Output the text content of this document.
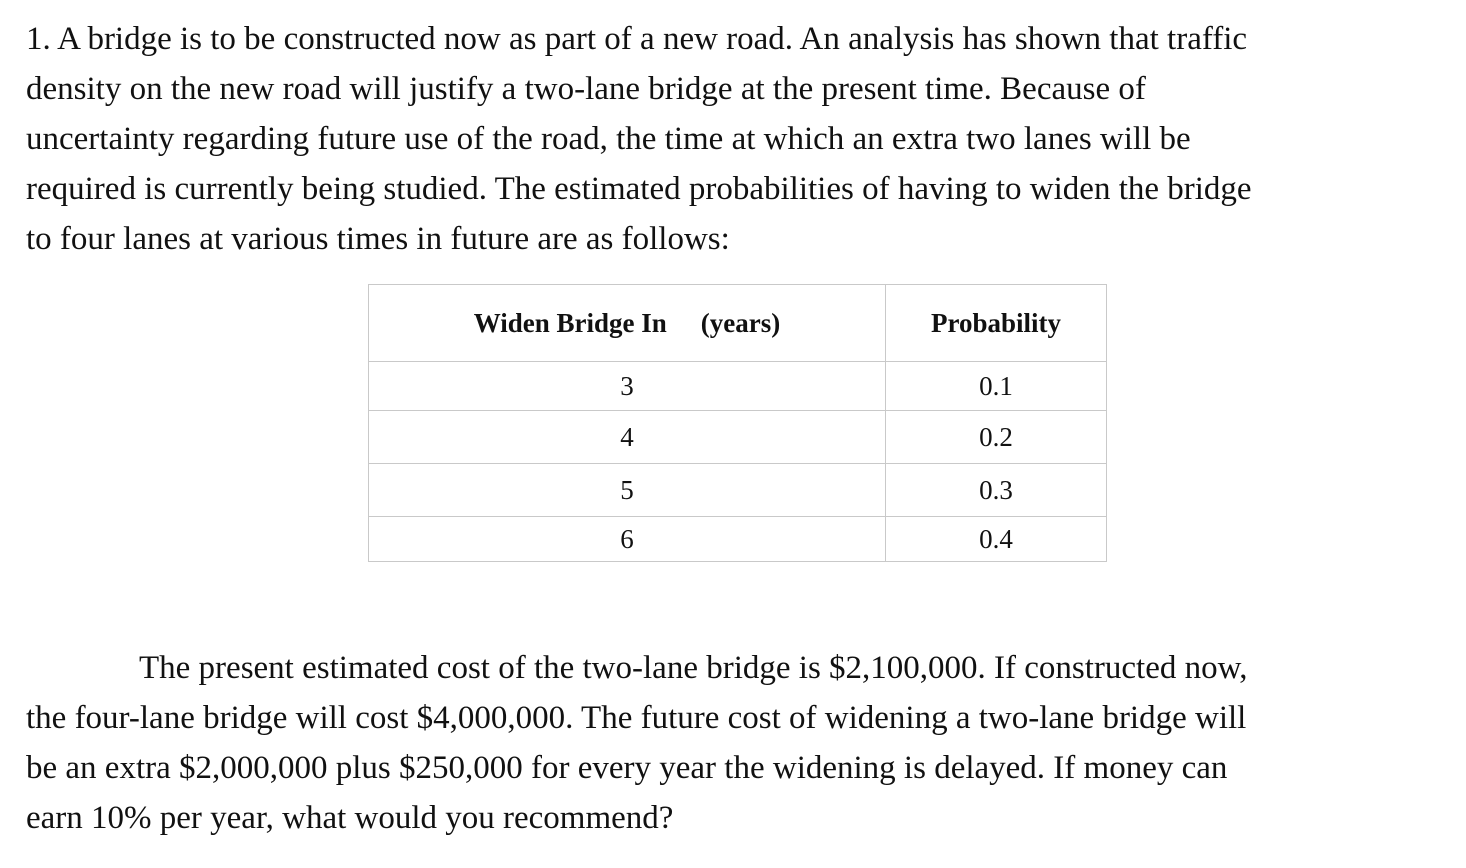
1. A bridge is to be constructed now as part of a new road. An analysis has shown that traffic
density on the new road will justify a two-lane bridge at the present time. Because of
uncertainty regarding future use of the road, the time at which an extra two lanes will be
required is currently being studied. The estimated probabilities of having to widen the bridge
to four lanes at various times in future are as follows:
Widen Bridge In (years)	Probability
3	0.1
4	0.2
5	0.3
6	0.4
The present estimated cost of the two-lane bridge is $2,100,000. If constructed now,
the four-lane bridge will cost $4,000,000. The future cost of widening a two-lane bridge will
be an extra $2,000,000 plus $250,000 for every year the widening is delayed. If money can
earn 10% per year, what would you recommend?
